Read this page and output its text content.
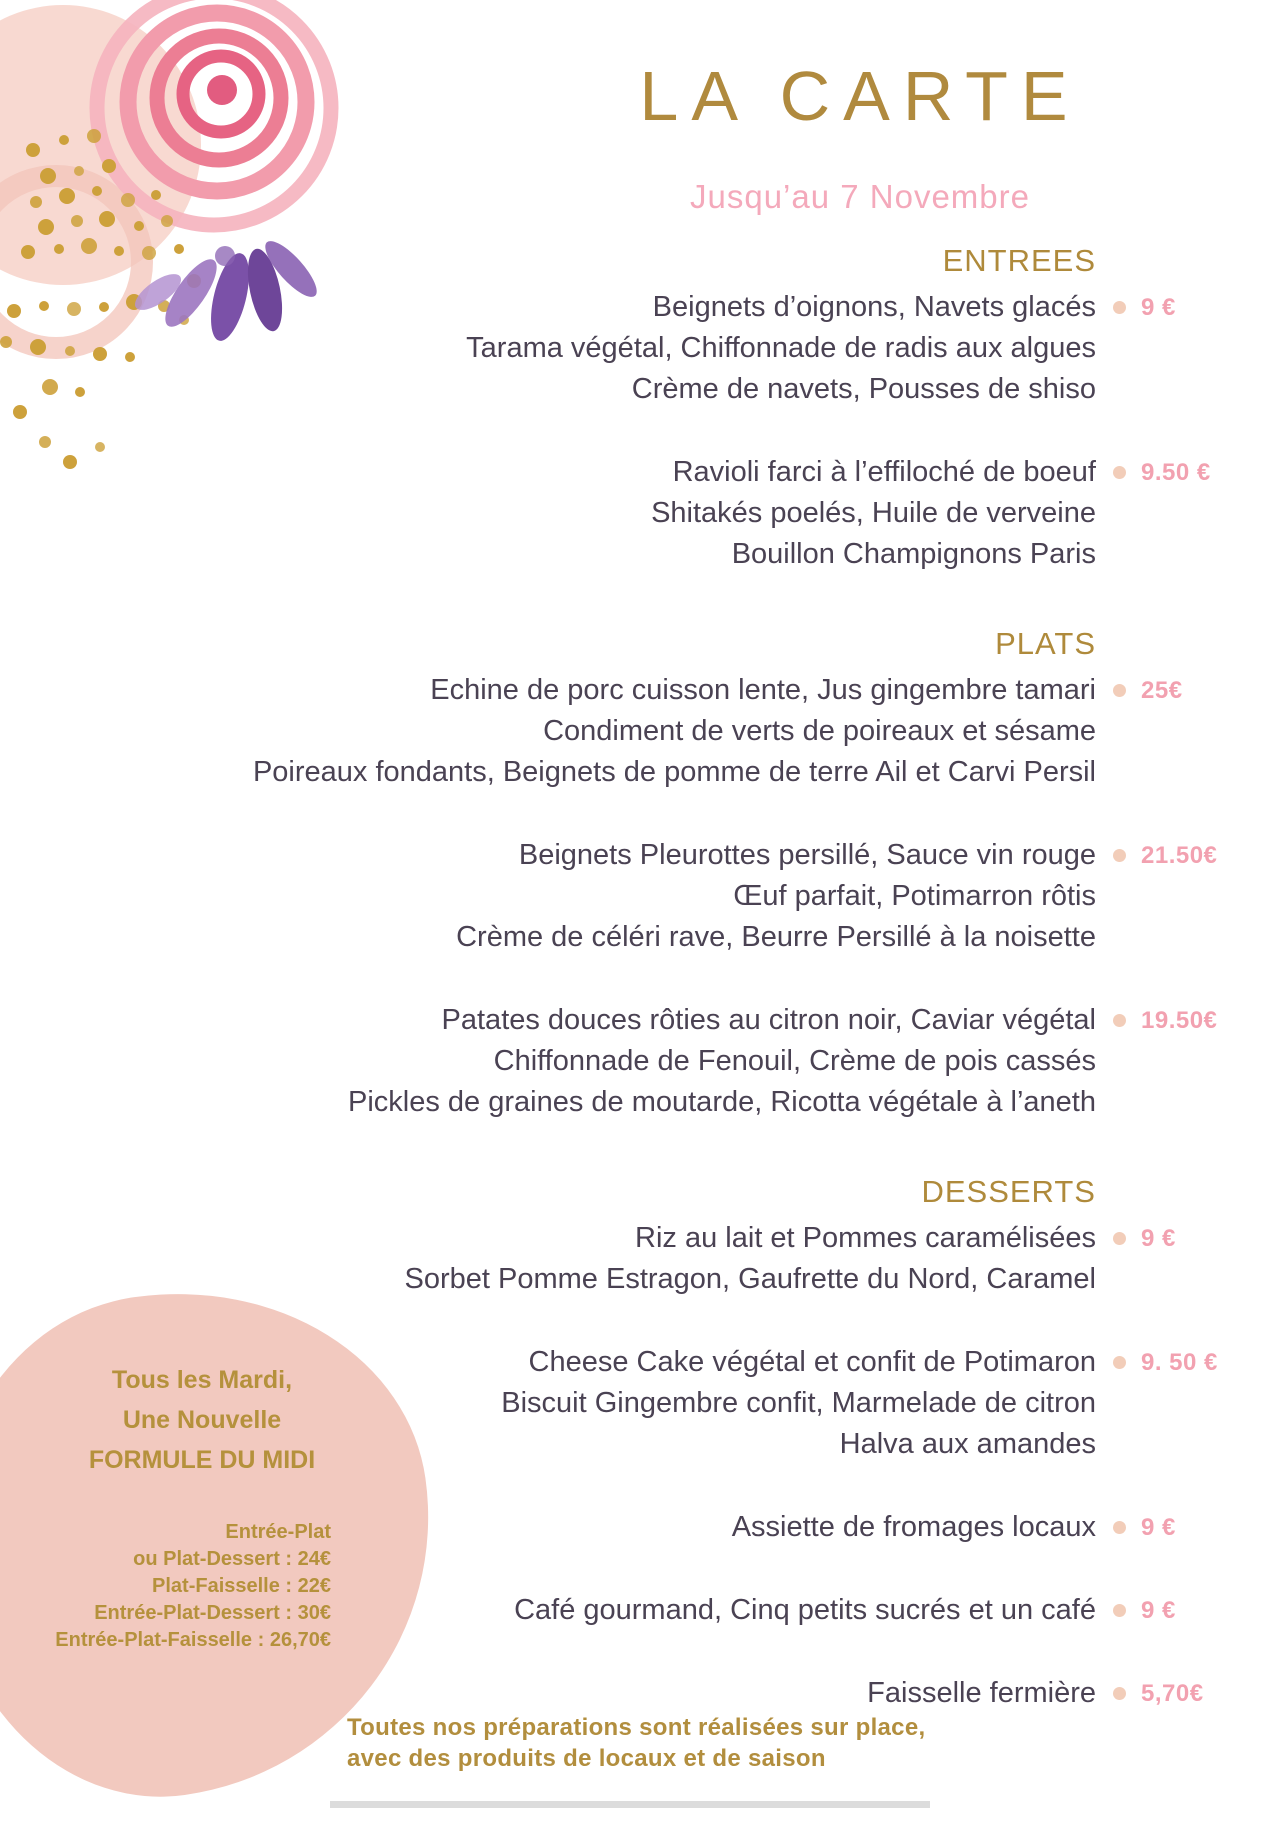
LA CARTE
Jusqu’au 7 Novembre
ENTREES
Beignets d’oignons, Navets glacés
Tarama végétal, Chiffonnade de radis aux algues
Crème de navets, Pousses de shiso
9 €
Ravioli farci à l’effiloché de boeuf
Shitakés poelés, Huile de verveine
Bouillon Champignons Paris
9.50 €
PLATS
Echine de porc cuisson lente, Jus gingembre tamari
Condiment de verts de poireaux et sésame
Poireaux fondants, Beignets de pomme de terre Ail et Carvi Persil
25€
Beignets Pleurottes persillé, Sauce vin rouge
Œuf parfait, Potimarron rôtis
Crème de céléri rave, Beurre Persillé à la noisette
21.50€
Patates douces rôties au citron noir, Caviar végétal
Chiffonnade de Fenouil, Crème de pois cassés
Pickles de graines de moutarde, Ricotta végétale à l’aneth
19.50€
DESSERTS
Riz au lait et Pommes caramélisées
Sorbet Pomme Estragon, Gaufrette du Nord, Caramel
9 €
Cheese Cake végétal et confit de Potimaron
Biscuit Gingembre confit, Marmelade de citron
Halva aux amandes
9. 50 €
Assiette de fromages locaux 9 €
Café gourmand, Cinq petits sucrés et un café 9 €
Faisselle fermière 5,70€
Tous les Mardi,
Une Nouvelle
FORMULE DU MIDI
Entrée-Plat
ou Plat-Dessert : 24€
Plat-Faisselle : 22€
Entrée-Plat-Dessert : 30€
Entrée-Plat-Faisselle : 26,70€
Toutes nos préparations sont réalisées sur place,
avec des produits de locaux et de saison
